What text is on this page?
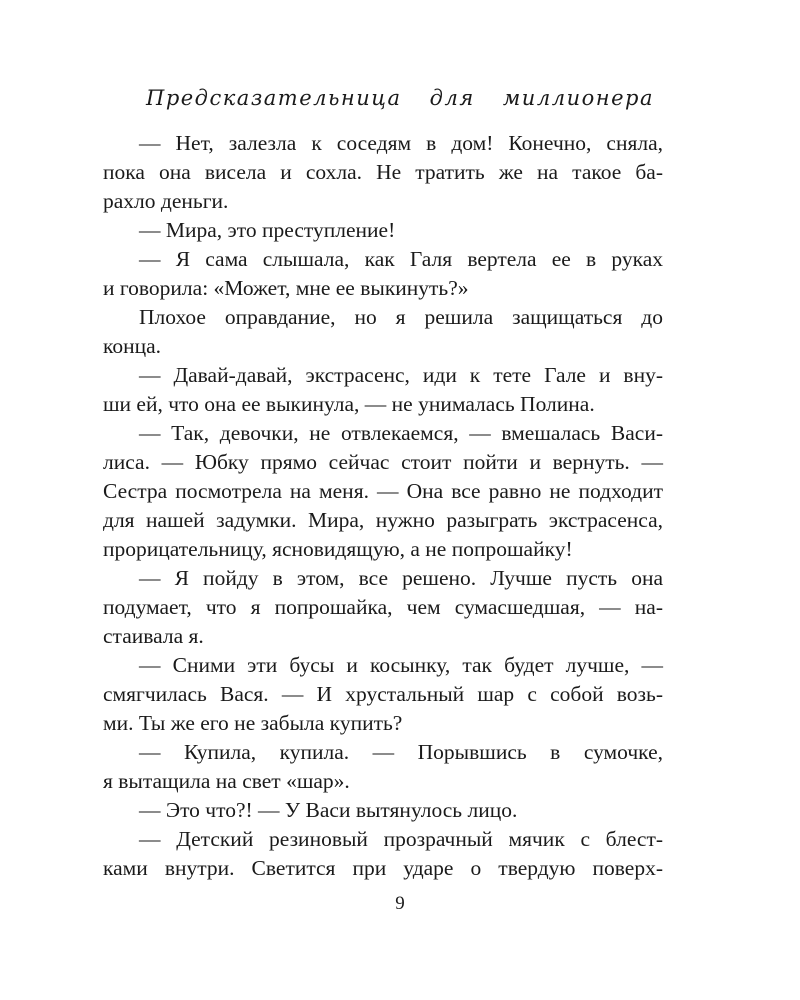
Предсказательница для миллионера
— Нет, залезла к соседям в дом! Конечно, сняла,
пока она висела и сохла. Не тратить же на такое ба-
рахло деньги.
— Мира, это преступление!
— Я сама слышала, как Галя вертела ее в руках
и говорила: «Может, мне ее выкинуть?»
Плохое оправдание, но я решила защищаться до
конца.
— Давай-давай, экстрасенс, иди к тете Гале и вну-
ши ей, что она ее выкинула, — не унималась Полина.
— Так, девочки, не отвлекаемся, — вмешалась Васи-
лиса. — Юбку прямо сейчас стоит пойти и вернуть. —
Сестра посмотрела на меня. — Она все равно не подходит
для нашей задумки. Мира, нужно разыграть экстрасенса,
прорицательницу, ясновидящую, а не попрошайку!
— Я пойду в этом, все решено. Лучше пусть она
подумает, что я попрошайка, чем сумасшедшая, — на-
стаивала я.
— Сними эти бусы и косынку, так будет лучше, —
смягчилась Вася. — И хрустальный шар с собой возь-
ми. Ты же его не забыла купить?
— Купила, купила. — Порывшись в сумочке,
я вытащила на свет «шар».
— Это что?! — У Васи вытянулось лицо.
— Детский резиновый прозрачный мячик с блест-
ками внутри. Светится при ударе о твердую поверх-
9
